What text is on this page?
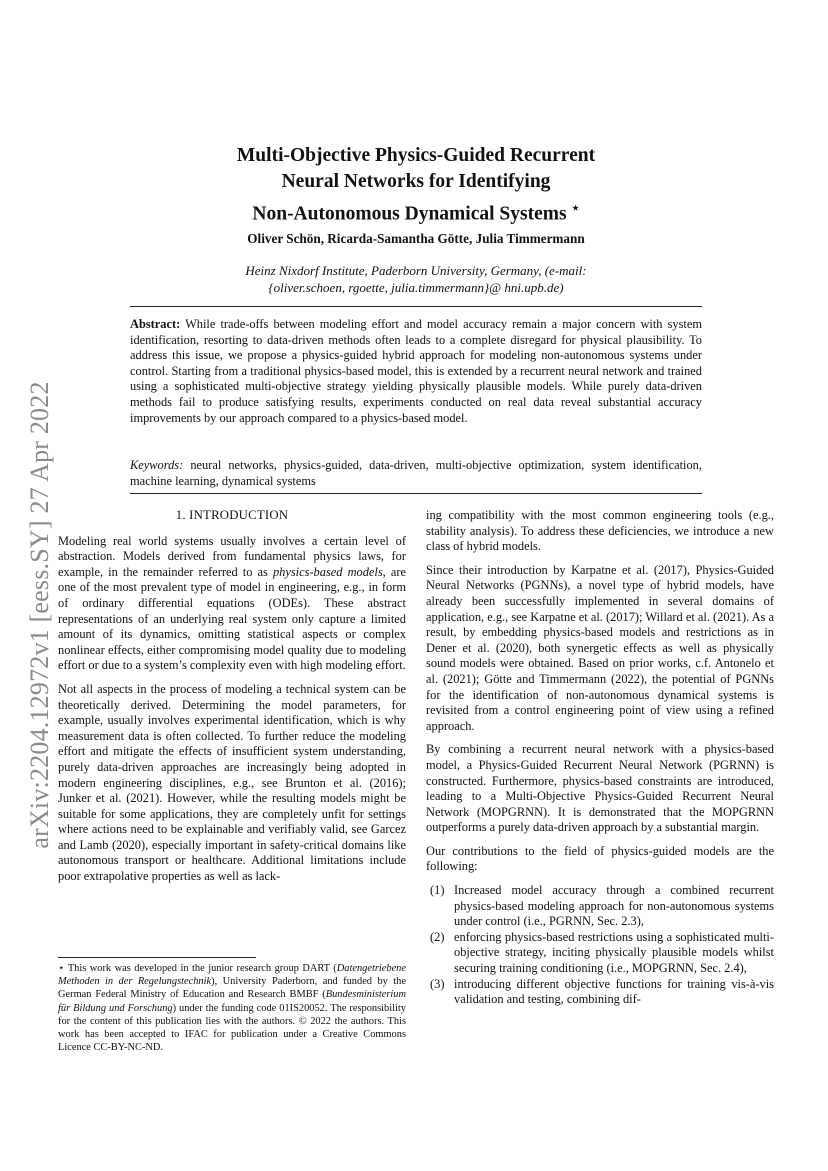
arXiv:2204.12972v1 [eess.SY] 27 Apr 2022
Multi-Objective Physics-Guided Recurrent
Neural Networks for Identifying
Non-Autonomous Dynamical Systems ⋆
Oliver Schön, Ricarda-Samantha Götte, Julia Timmermann
Heinz Nixdorf Institute, Paderborn University, Germany, (e-mail:
{oliver.schoen, rgoette, julia.timmermann}@ hni.upb.de)
Abstract: While trade-offs between modeling effort and model accuracy remain a major concern with system identification, resorting to data-driven methods often leads to a complete disregard for physical plausibility. To address this issue, we propose a physics-guided hybrid approach for modeling non-autonomous systems under control. Starting from a traditional physics-based model, this is extended by a recurrent neural network and trained using a sophisticated multi-objective strategy yielding physically plausible models. While purely data-driven methods fail to produce satisfying results, experiments conducted on real data reveal substantial accuracy improvements by our approach compared to a physics-based model.
Keywords: neural networks, physics-guided, data-driven, multi-objective optimization, system identification, machine learning, dynamical systems
1. INTRODUCTION

Modeling real world systems usually involves a certain level of abstraction. Models derived from fundamental physics laws, for example, in the remainder referred to as physics-based models, are one of the most prevalent type of model in engineering, e.g., in form of ordinary differential equations (ODEs). These abstract representations of an underlying real system only capture a limited amount of its dynamics, omitting statistical aspects or complex nonlinear effects, either compromising model quality due to modeling effort or due to a system’s complexity even with high modeling effort.

Not all aspects in the process of modeling a technical system can be theoretically derived. Determining the model parameters, for example, usually involves experimental identification, which is why measurement data is often collected. To further reduce the modeling effort and mitigate the effects of insufficient system understanding, purely data-driven approaches are increasingly being adopted in modern engineering disciplines, e.g., see Brunton et al. (2016); Junker et al. (2021). However, while the resulting models might be suitable for some applications, they are completely unfit for settings where actions need to be explainable and verifiably valid, see Garcez and Lamb (2020), especially important in safety-critical domains like autonomous transport or healthcare. Additional limitations include poor extrapolative properties as well as lack-

⋆ This work was developed in the junior research group DART (Datengetriebene Methoden in der Regelungstechnik), University Paderborn, and funded by the German Federal Ministry of Education and Research BMBF (Bundesministerium für Bildung und Forschung) under the funding code 01IS20052. The responsibility for the content of this publication lies with the authors. © 2022 the authors. This work has been accepted to IFAC for publication under a Creative Commons Licence CC-BY-NC-ND.

ing compatibility with the most common engineering tools (e.g., stability analysis). To address these deficiencies, we introduce a new class of hybrid models.

Since their introduction by Karpatne et al. (2017), Physics-Guided Neural Networks (PGNNs), a novel type of hybrid models, have already been successfully implemented in several domains of application, e.g., see Karpatne et al. (2017); Willard et al. (2021). As a result, by embedding physics-based models and restrictions as in Dener et al. (2020), both synergetic effects as well as physically sound models were obtained. Based on prior works, c.f. Antonelo et al. (2021); Götte and Timmermann (2022), the potential of PGNNs for the identification of non-autonomous dynamical systems is revisited from a control engineering point of view using a refined approach.

By combining a recurrent neural network with a physics-based model, a Physics-Guided Recurrent Neural Network (PGRNN) is constructed. Furthermore, physics-based constraints are introduced, leading to a Multi-Objective Physics-Guided Recurrent Neural Network (MOPGRNN). It is demonstrated that the MOPGRNN outperforms a purely data-driven approach by a substantial margin.

Our contributions to the field of physics-guided models are the following:

(1) Increased model accuracy through a combined recurrent physics-based modeling approach for non-autonomous systems under control (i.e., PGRNN, Sec. 2.3),
(2) enforcing physics-based restrictions using a sophisticated multi-objective strategy, inciting physically plausible models whilst securing training conditioning (i.e., MOPGRNN, Sec. 2.4),
(3) introducing different objective functions for training vis-à-vis validation and testing, combining dif-
